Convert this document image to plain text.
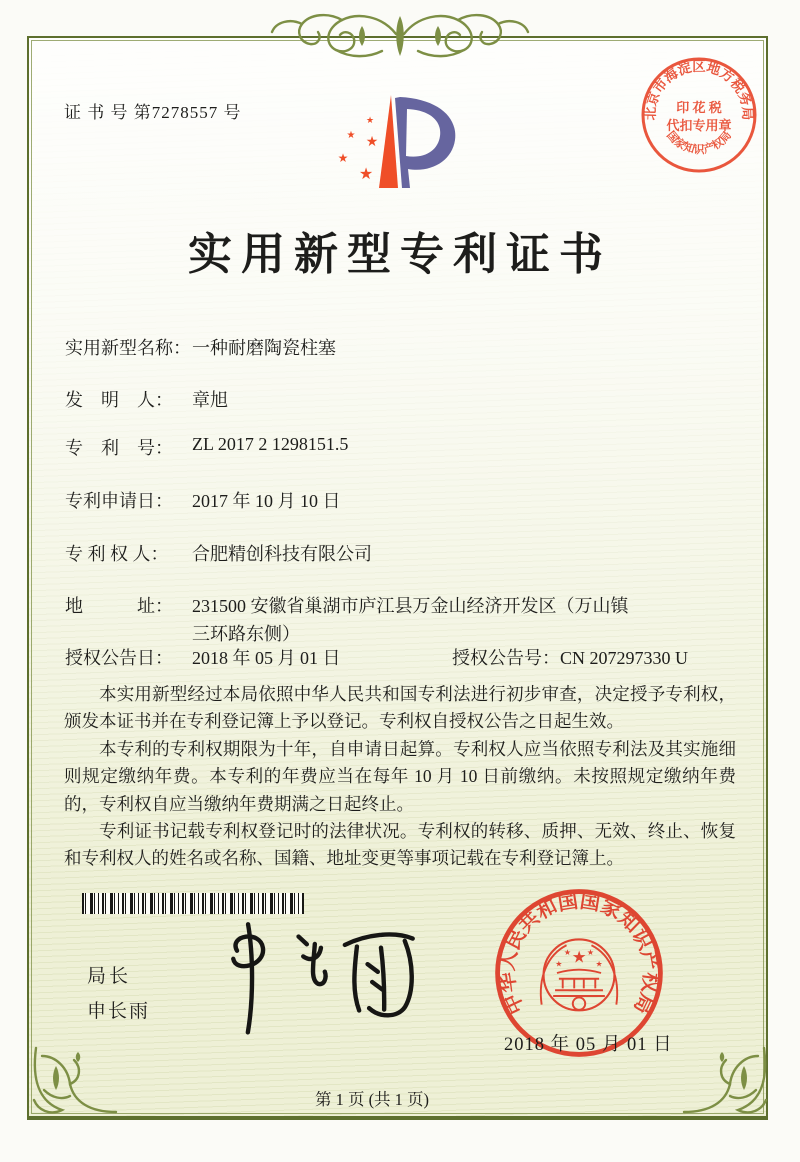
证 书 号 第7278557 号	北京市海淀区地方税务局
印 花 税
代扣专用章
国家知识产权局
★
★ ★
★
★
实用新型专利证书
实用新型名称： 一种耐磨陶瓷柱塞
发　明　人： 章旭
专　利　号： ZL 2017 2 1298151.5
专利申请日： 2017 年 10 月 10 日
专 利 权 人： 合肥精创科技有限公司
地　　　址： 231500 安徽省巢湖市庐江县万金山经济开发区（万山镇
三环路东侧）
授权公告日： 2018 年 05 月 01 日	授权公告号：CN 207297330 U

本实用新型经过本局依照中华人民共和国专利法进行初步审查，决定授予专利权，颁发本证书并在专利登记簿上予以登记。专利权自授权公告之日起生效。

本专利的专利权期限为十年，自申请日起算。专利权人应当依照专利法及其实施细则规定缴纳年费。本专利的年费应当在每年 10 月 10 日前缴纳。未按照规定缴纳年费的，专利权自应当缴纳年费期满之日起终止。

专利证书记载专利权登记时的法律状况。专利权的转移、质押、无效、终止、恢复和专利权人的姓名或名称、国籍、地址变更等事项记载在专利登记簿上。

局长
申长雨	中华人民共和国国家知识产权局
★
★
★ ★
★
2018 年 05 月 01 日
第 1 页 (共 1 页)
